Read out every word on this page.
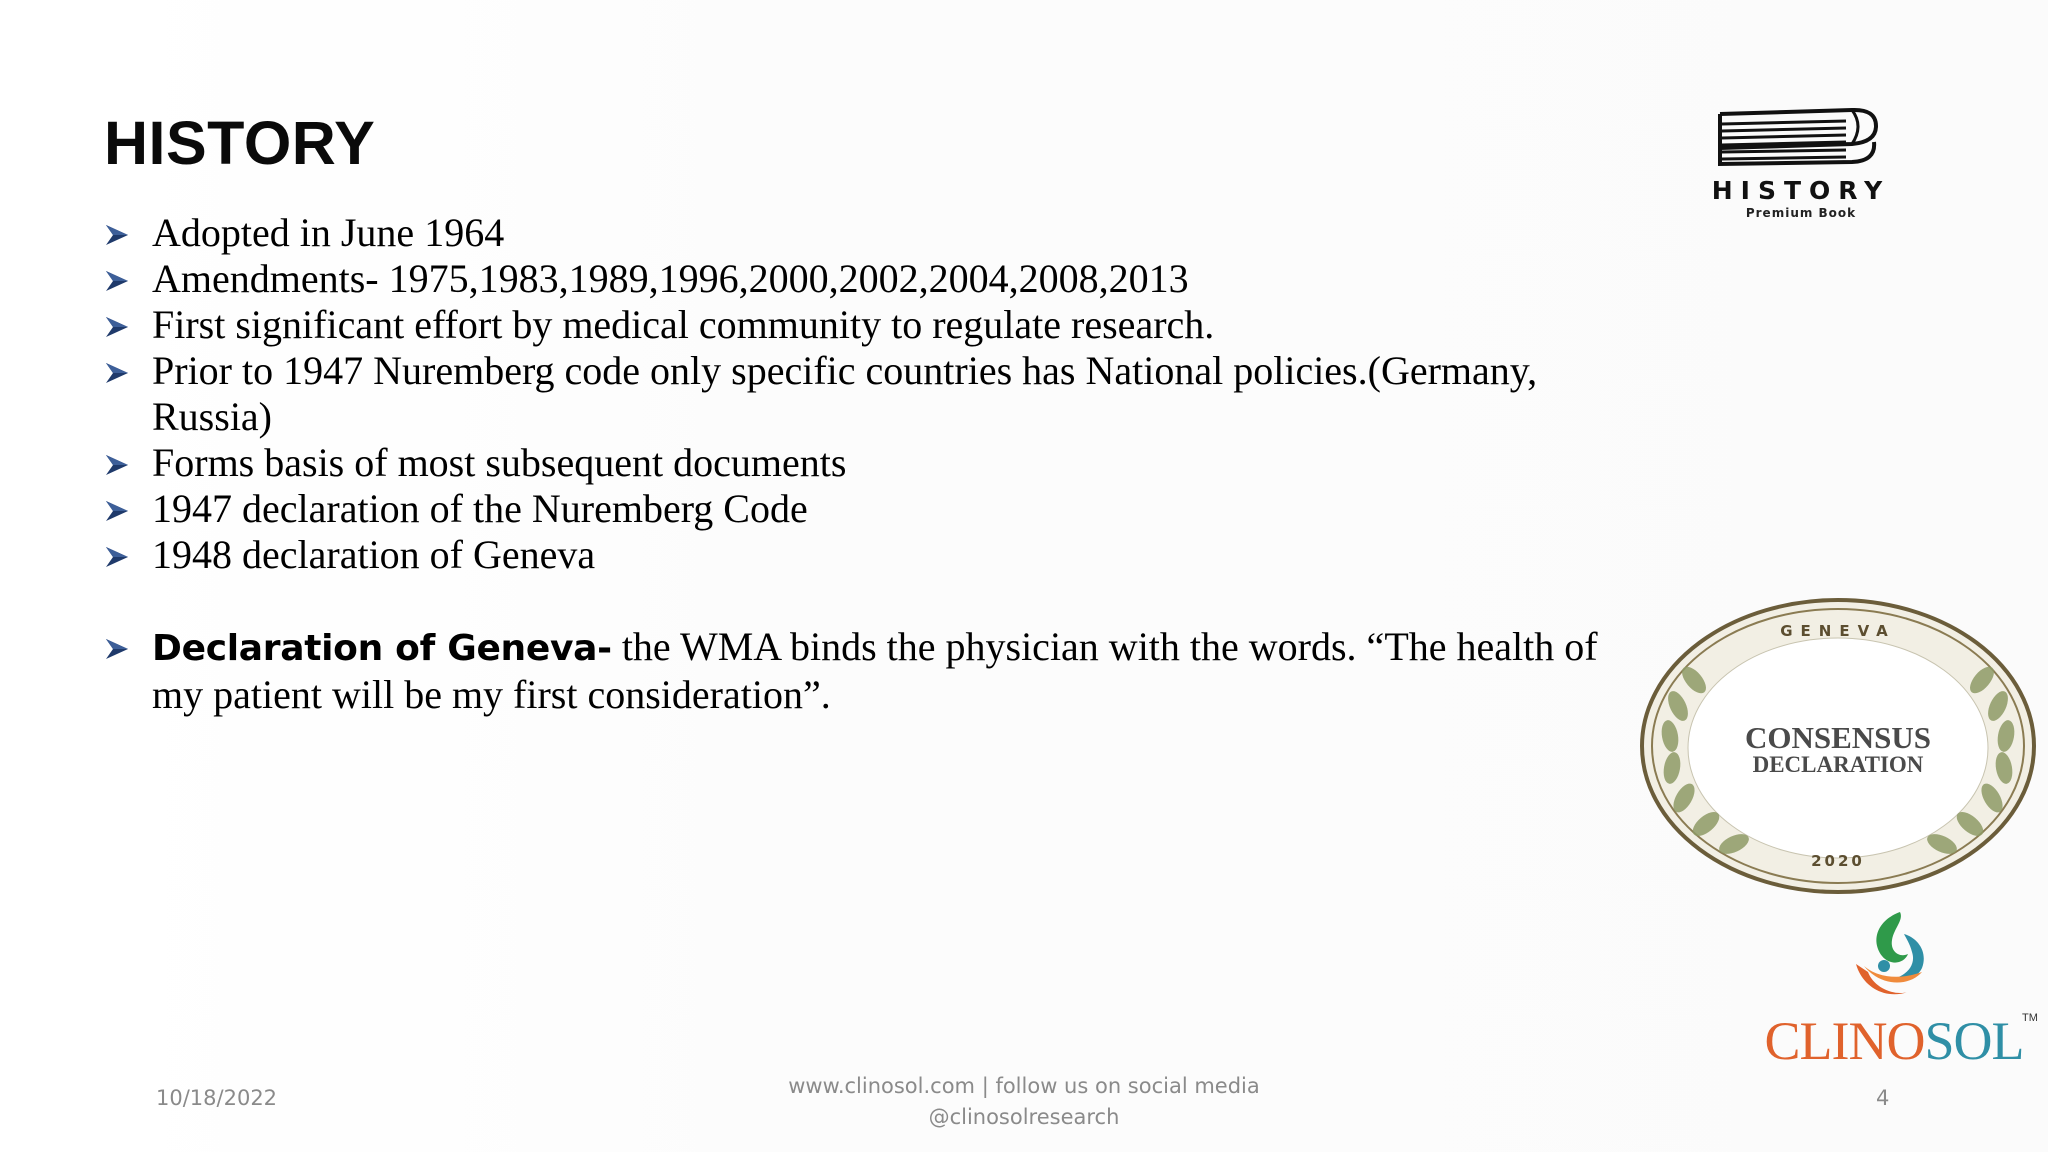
HISTORY
Adopted in June 1964
Amendments- 1975,1983,1989,1996,2000,2002,2004,2008,2013
First significant effort by medical community to regulate research.
Prior to 1947 Nuremberg code only specific countries has National policies.(Germany, Russia)
Forms basis of most subsequent documents
1947 declaration of the Nuremberg Code
1948 declaration of Geneva
Declaration of Geneva- the WMA binds the physician with the words. “The health of my patient will be my first consideration”.
HISTORY
Premium Book
GENEVA
CONSENSUS
DECLARATION
2020
CLINOSOL
TM
10/18/2022	www.clinosol.com | follow us on social media
@clinosolresearch
4
